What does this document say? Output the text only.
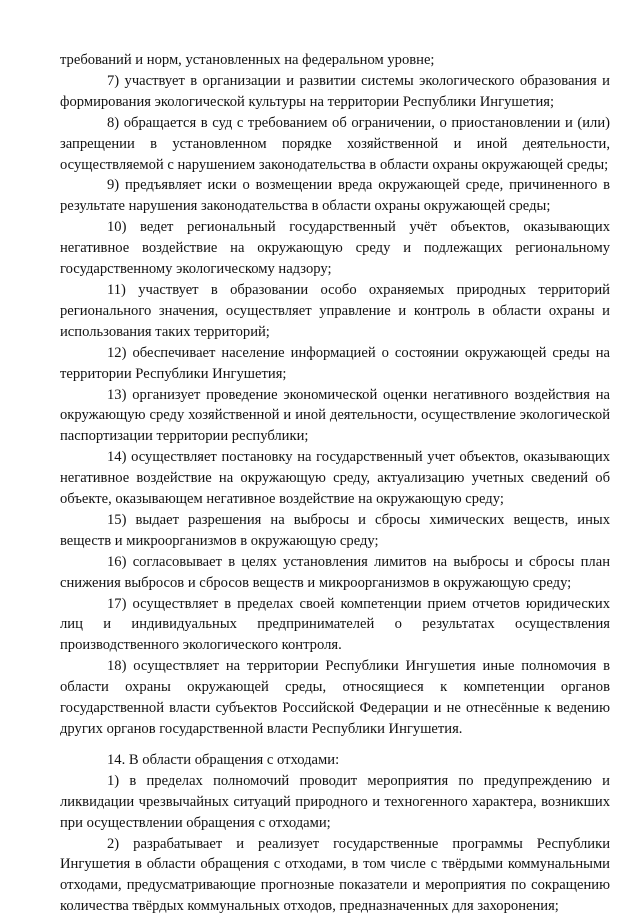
требований и норм, установленных на федеральном уровне;

7) участвует в организации и развитии системы экологического образования и формирования экологической культуры на территории Республики Ингушетия;

8) обращается в суд с требованием об ограничении, о приостановлении и (или) запрещении в установленном порядке хозяйственной и иной деятельности, осуществляемой с нарушением законодательства в области охраны окружающей среды;

9) предъявляет иски о возмещении вреда окружающей среде, причиненного в результате нарушения законодательства в области охраны окружающей среды;

10) ведет региональный государственный учёт объектов, оказывающих негативное воздействие на окружающую среду и подлежащих региональному государственному экологическому надзору;

11) участвует в образовании особо охраняемых природных территорий регионального значения, осуществляет управление и контроль в области охраны и использования таких территорий;

12) обеспечивает население информацией о состоянии окружающей среды на территории Республики Ингушетия;

13) организует проведение экономической оценки негативного воздействия на окружающую среду хозяйственной и иной деятельности, осуществление экологической паспортизации территории республики;

14) осуществляет постановку на государственный учет объектов, оказывающих негативное воздействие на окружающую среду, актуализацию учетных сведений об объекте, оказывающем негативное воздействие на окружающую среду;

15) выдает разрешения на выбросы и сбросы химических веществ, иных веществ и микроорганизмов в окружающую среду;

16) согласовывает в целях установления лимитов на выбросы и сбросы план снижения выбросов и сбросов веществ и микроорганизмов в окружающую среду;

17) осуществляет в пределах своей компетенции прием отчетов юридических лиц и индивидуальных предпринимателей о результатах осуществления производственного экологического контроля.

18) осуществляет на территории Республики Ингушетия иные полномочия в области охраны окружающей среды, относящиеся к компетенции органов государственной власти субъектов Российской Федерации и не отнесённые к ведению других органов государственной власти Республики Ингушетия.

14. В области обращения с отходами:

1) в пределах полномочий проводит мероприятия по предупреждению и ликвидации чрезвычайных ситуаций природного и техногенного характера, возникших при осуществлении обращения с отходами;

2) разрабатывает и реализует государственные программы Республики Ингушетия в области обращения с отходами, в том числе с твёрдыми коммунальными отходами, предусматривающие прогнозные показатели и мероприятия по сокращению количества твёрдых коммунальных отходов, предназначенных для захоронения;
